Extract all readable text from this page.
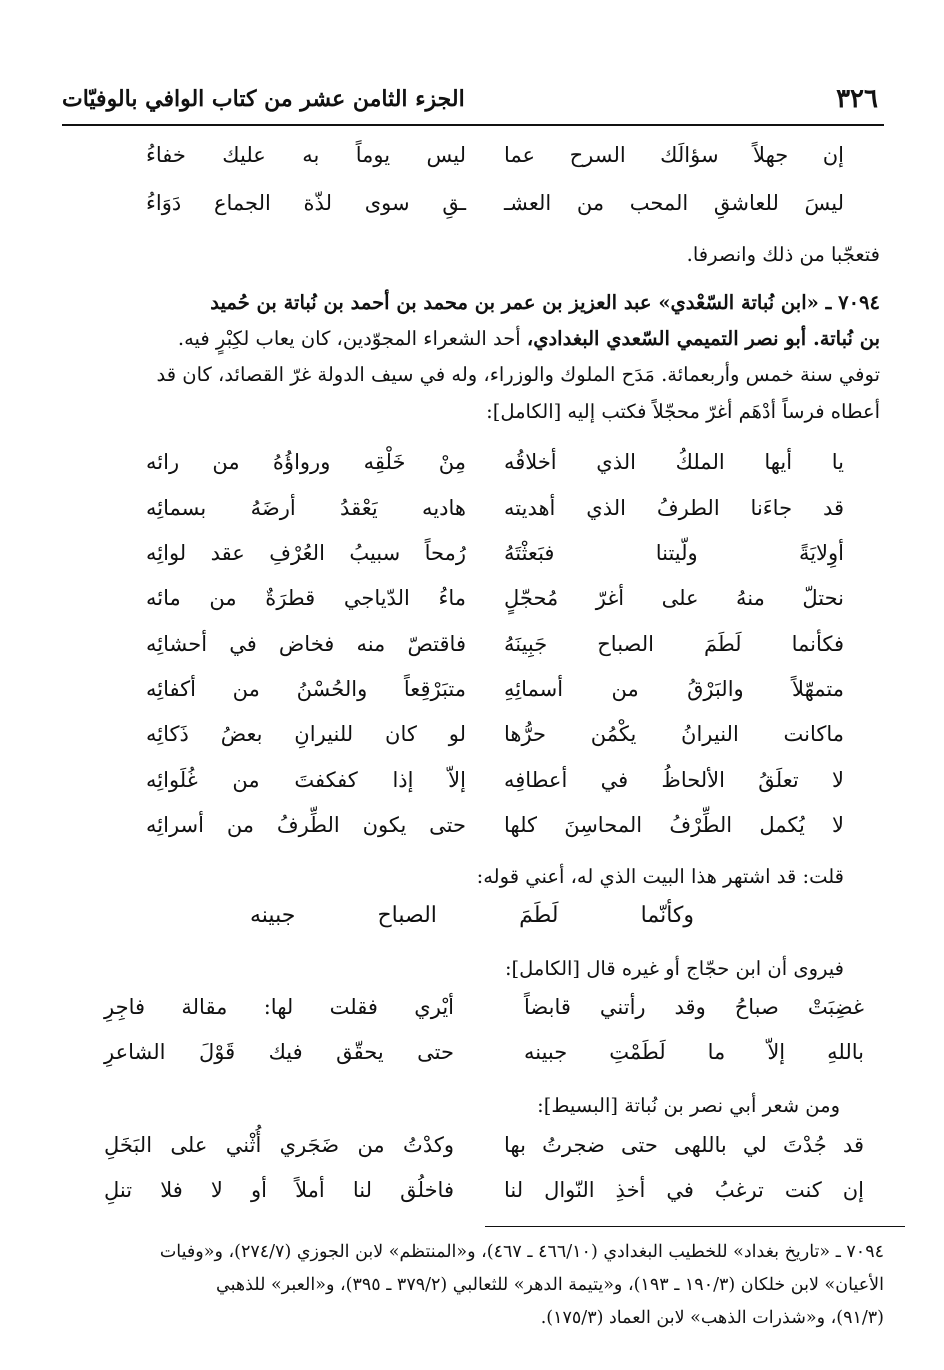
٣٢٦
الجزء الثامن عشر من كتاب الوافي بالوفيّات
إن جهلاً سؤالَك السرح عما
ليس يوماً به عليك خفاءُ
ليسَ للعاشقِ المحب من العشـ
ـقِ سوى لذّة الجماع دَوَاءُ
فتعجّبا من ذلك وانصرفا.
٧٠٩٤ ـ «ابن نُباتة السّعْدي» عبد العزيز بن عمر بن محمد بن أحمد بن نُباتة بن حُميد
بن نُباتة. أبو نصر التميمي السّعدي البغدادي، أحد الشعراء المجوّدين، كان يعاب لكِبْرٍ فيه.
توفي سنة خمس وأربعمائة. مَدَح الملوك والوزراء، وله في سيف الدولة غرّ القصائد، كان قد
أعطاه فرساً أدْهَم أغرّ محجّلاً فكتب إليه [الكامل]:
يا أيها الملكُ الذي أخلاقُه
مِنْ خَلْقِه ورواؤُهُ من رائه
قد جاءَنا الطرفُ الذي أهديته
هاديه يَعْقدُ أرضَهُ بسمائِه
أوِلايَةً ولّيتنا فبَعثْتَهُ
رُمحاً سبيبُ العُرْفِ عقد لوائِه
نحتلّ منهُ على أغرّ مُحجّلٍ
ماءُ الدّياجي قطرَةٌ من مائه
فكأنما لَطَمَ الصباح جَبِينَهُ
فاقتصّ منه فخاض في أحشائِه
متمهّلاً والبَرْقُ من أسمائِهِ
متبَرْقِعاً والحُسْنُ من أكفائِه
ماكانت النيرانُ يكْمُن حرُّها
لو كان للنيرانِ بعضُ ذَكائِه
لا تعلَقُ الألحاظُ في أعطافِه
إلاّ إذا كفكفتَ من غُلَوائِه
لا يُكمل الطِّرْفُ المحاسِنَ كلها
حتى يكون الطِّرفُ من أسرائِه
قلت: قد اشتهر هذا البيت الذي له، أعني قوله:
وكأنّما لَطَمَ الصباح جبينه
فيروى أن ابن حجّاج أو غيره قال [الكامل]:
غضِبَتْ صباحُ وقد رأتني قابضاً
أيْري فقلت لها: مقالة فاجِرِ
باللهِ إلاّ ما لَطَمْتِ جبينه
حتى يحقّق فيك قَوْلَ الشاعرِ
ومن شعر أبي نصر بن نُباتة [البسيط]:
قد جُدْتَ لي باللهى حتى ضجرتُ بها
وكدْتُ من ضَجَري أُثْني على البَخَلِ
إن كنت ترغبُ في أخذِ النّوال لنا
فاخلُق لنا أملاً أو لا فلا تنلِ
٧٠٩٤ ـ «تاريخ بغداد» للخطيب البغدادي (٤٦٦/١٠ ـ ٤٦٧)، و«المنتظم» لابن الجوزي (٢٧٤/٧)، و«وفيات
الأعيان» لابن خلكان (١٩٠/٣ ـ ١٩٣)، و«يتيمة الدهر» للثعالبي (٣٧٩/٢ ـ ٣٩٥)، و«العبر» للذهبي
(٩١/٣)، و«شذرات الذهب» لابن العماد (١٧٥/٣).
